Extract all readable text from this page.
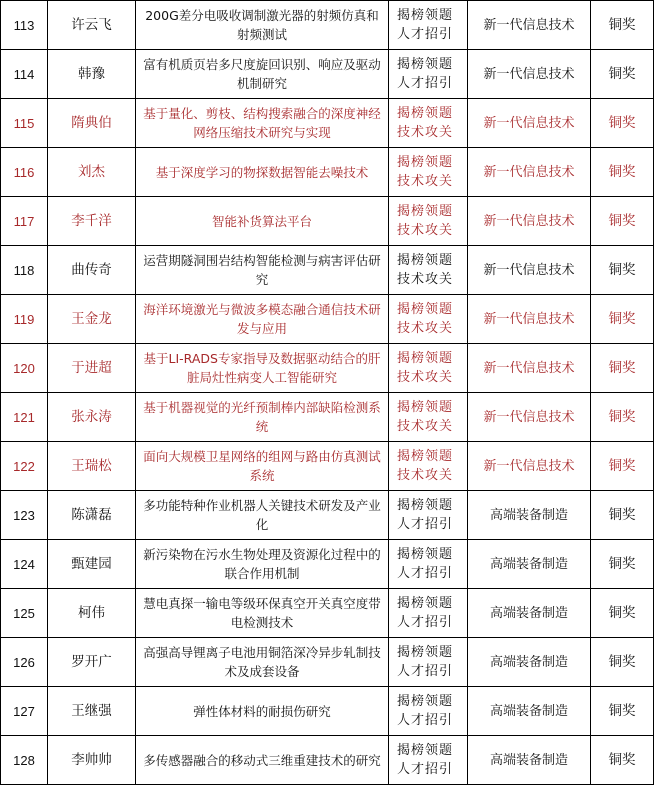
113	许云飞	200G差分电吸收调制激光器的射频仿真和射频测试	揭榜领题人才招引	新一代信息技术	铜奖
114	韩豫	富有机质页岩多尺度旋回识别、响应及驱动机制研究	揭榜领题人才招引	新一代信息技术	铜奖
115	隋典伯	基于量化、剪枝、结构搜索融合的深度神经网络压缩技术研究与实现	揭榜领题技术攻关	新一代信息技术	铜奖
116	刘杰	基于深度学习的物探数据智能去噪技术	揭榜领题技术攻关	新一代信息技术	铜奖
117	李千洋	智能补货算法平台	揭榜领题技术攻关	新一代信息技术	铜奖
118	曲传奇	运营期隧洞围岩结构智能检测与病害评估研究	揭榜领题技术攻关	新一代信息技术	铜奖
119	王金龙	海洋环境激光与微波多模态融合通信技术研发与应用	揭榜领题技术攻关	新一代信息技术	铜奖
120	于进超	基于LI-RADS专家指导及数据驱动结合的肝脏局灶性病变人工智能研究	揭榜领题技术攻关	新一代信息技术	铜奖
121	张永涛	基于机器视觉的光纤预制棒内部缺陷检测系统	揭榜领题技术攻关	新一代信息技术	铜奖
122	王瑞松	面向大规模卫星网络的组网与路由仿真测试系统	揭榜领题技术攻关	新一代信息技术	铜奖
123	陈潇磊	多功能特种作业机器人关键技术研发及产业化	揭榜领题人才招引	高端装备制造	铜奖
124	甄建园	新污染物在污水生物处理及资源化过程中的联合作用机制	揭榜领题人才招引	高端装备制造	铜奖
125	柯伟	慧电真探一输电等级环保真空开关真空度带电检测技术	揭榜领题人才招引	高端装备制造	铜奖
126	罗开广	高强高导锂离子电池用铜箔深冷异步轧制技术及成套设备	揭榜领题人才招引	高端装备制造	铜奖
127	王继强	弹性体材料的耐损伤研究	揭榜领题人才招引	高端装备制造	铜奖
128	李帅帅	多传感器融合的移动式三维重建技术的研究	揭榜领题人才招引	高端装备制造	铜奖
